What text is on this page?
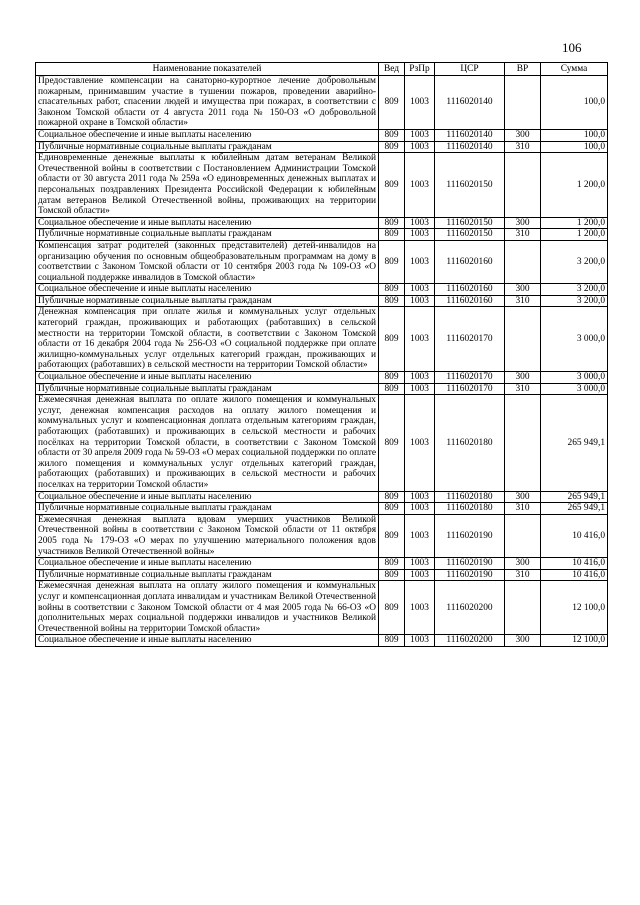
106
Наименование показателей	Вед	РзПр	ЦСР	ВР	Сумма
Предоставление компенсации на санаторно-курортное лечение добровольным пожарным, принимавшим участие в тушении пожаров, проведении аварийно-спасательных работ, спасении людей и имущества при пожарах, в соответствии с Законом Томской области от 4 августа 2011 года № 150-ОЗ «О добровольной пожарной охране в Томской области»	809	1003	1116020140		100,0
Социальное обеспечение и иные выплаты населению	809	1003	1116020140	300	100,0
Публичные нормативные социальные выплаты гражданам	809	1003	1116020140	310	100,0
Единовременные денежные выплаты к юбилейным датам ветеранам Великой Отечественной войны в соответствии с Постановлением Администрации Томской области от 30 августа 2011 года № 259а «О единовременных денежных выплатах и персональных поздравлениях Президента Российской Федерации к юбилейным датам ветеранов Великой Отечественной войны, проживающих на территории Томской области»	809	1003	1116020150		1 200,0
Социальное обеспечение и иные выплаты населению	809	1003	1116020150	300	1 200,0
Публичные нормативные социальные выплаты гражданам	809	1003	1116020150	310	1 200,0
Компенсация затрат родителей (законных представителей) детей-инвалидов на организацию обучения по основным общеобразовательным программам на дому в соответствии с Законом Томской области от 10 сентября 2003 года № 109-ОЗ «О социальной поддержке инвалидов в Томской области»	809	1003	1116020160		3 200,0
Социальное обеспечение и иные выплаты населению	809	1003	1116020160	300	3 200,0
Публичные нормативные социальные выплаты гражданам	809	1003	1116020160	310	3 200,0
Денежная компенсация при оплате жилья и коммунальных услуг отдельных категорий граждан, проживающих и работающих (работавших) в сельской местности на территории Томской области, в соответствии с Законом Томской области от 16 декабря 2004 года № 256-ОЗ «О социальной поддержке при оплате жилищно-коммунальных услуг отдельных категорий граждан, проживающих и работающих (работавших) в сельской местности на территории Томской области»	809	1003	1116020170		3 000,0
Социальное обеспечение и иные выплаты населению	809	1003	1116020170	300	3 000,0
Публичные нормативные социальные выплаты гражданам	809	1003	1116020170	310	3 000,0
Ежемесячная денежная выплата по оплате жилого помещения и коммунальных услуг, денежная компенсация расходов на оплату жилого помещения и коммунальных услуг и компенсационная доплата отдельным категориям граждан, работающих (работавших) и проживающих в сельской местности и рабочих посёлках на территории Томской области, в соответствии с Законом Томской области от 30 апреля 2009 года № 59-ОЗ «О мерах социальной поддержки по оплате жилого помещения и коммунальных услуг отдельных категорий граждан, работающих (работавших) и проживающих в сельской местности и рабочих поселках на территории Томской области»	809	1003	1116020180		265 949,1
Социальное обеспечение и иные выплаты населению	809	1003	1116020180	300	265 949,1
Публичные нормативные социальные выплаты гражданам	809	1003	1116020180	310	265 949,1
Ежемесячная денежная выплата вдовам умерших участников Великой Отечественной войны в соответствии с Законом Томской области от 11 октября 2005 года № 179-ОЗ «О мерах по улучшению материального положения вдов участников Великой Отечественной войны»	809	1003	1116020190		10 416,0
Социальное обеспечение и иные выплаты населению	809	1003	1116020190	300	10 416,0
Публичные нормативные социальные выплаты гражданам	809	1003	1116020190	310	10 416,0
Ежемесячная денежная выплата на оплату жилого помещения и коммунальных услуг и компенсационная доплата инвалидам и участникам Великой Отечественной войны в соответствии с Законом Томской области от 4 мая 2005 года № 66-ОЗ «О дополнительных мерах социальной поддержки инвалидов и участников Великой Отечественной войны на территории Томской области»	809	1003	1116020200		12 100,0
Социальное обеспечение и иные выплаты населению	809	1003	1116020200	300	12 100,0
